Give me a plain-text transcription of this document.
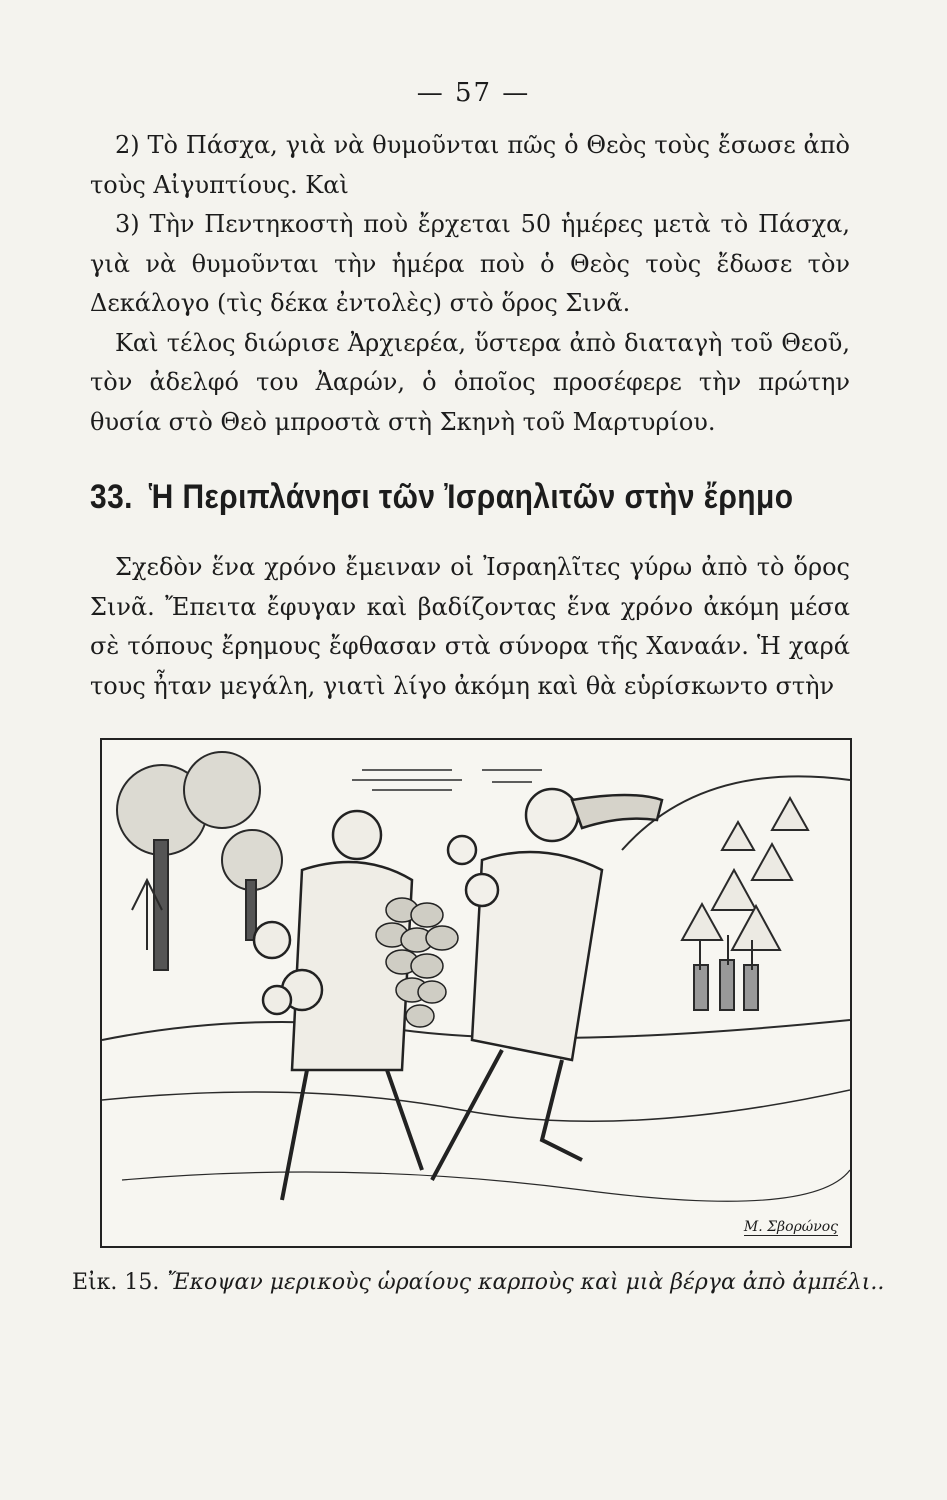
— 57 —

2) Τὸ Πάσχα, γιὰ νὰ θυμοῦνται πῶς ὁ Θεὸς τοὺς ἔσωσε ἀπὸ τοὺς Αἰγυπτίους. Καὶ

3) Τὴν Πεντηκοστὴ ποὺ ἔρχεται 50 ἡμέρες μετὰ τὸ Πάσχα, γιὰ νὰ θυμοῦνται τὴν ἡμέρα ποὺ ὁ Θεὸς τοὺς ἔδωσε τὸν Δεκάλογο (τὶς δέκα ἐντολὲς) στὸ ὅρος Σινᾶ.

Καὶ τέλος διώρισε Ἀρχιερέα, ὕστερα ἀπὸ διαταγὴ τοῦ Θεοῦ, τὸν ἀδελφό του Ἀαρών, ὁ ὁποῖος προσέφερε τὴν πρώτην θυσία στὸ Θεὸ μπροστὰ στὴ Σκηνὴ τοῦ Μαρτυρίου.

33. Ἡ Περιπλάνησι τῶν Ἰσραηλιτῶν στὴν ἔρημο

Σχεδὸν ἕνα χρόνο ἔμειναν οἱ Ἰσραηλῖτες γύρω ἀπὸ τὸ ὅρος Σινᾶ. Ἔπειτα ἔφυγαν καὶ βαδίζοντας ἕνα χρόνο ἀκόμη μέσα σὲ τόπους ἔρημους ἔφθασαν στὰ σύνορα τῆς Χαναάν. Ἡ χαρά τους ἦταν μεγάλη, γιατὶ λίγο ἀκόμη καὶ θὰ εὑρίσκωντο στὴν

Μ. Σβορώνος
Εἰκ. 15. Ἔκοψαν μερικοὺς ὡραίους καρποὺς καὶ μιὰ βέργα ἀπὸ ἀμπέλι..
